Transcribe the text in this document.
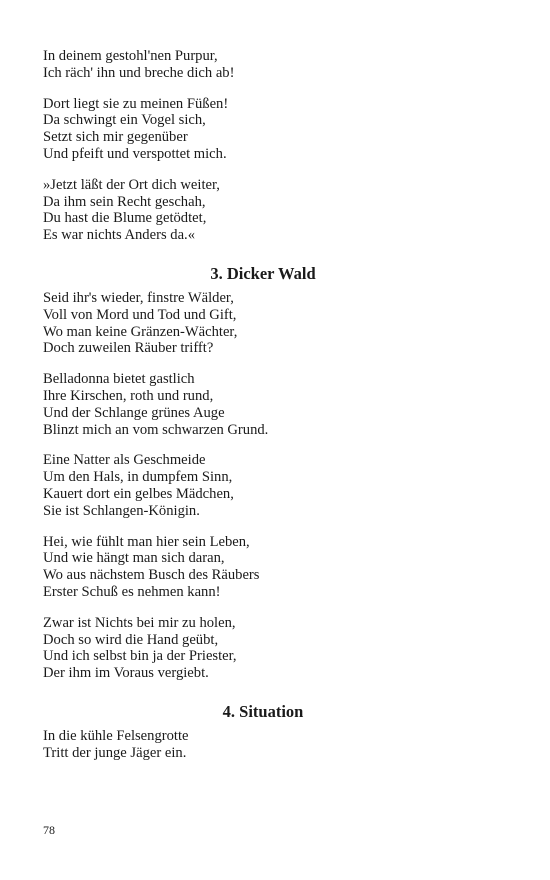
In deinem gestohl'nen Purpur,
Ich räch' ihn und breche dich ab!
Dort liegt sie zu meinen Füßen!
Da schwingt ein Vogel sich,
Setzt sich mir gegenüber
Und pfeift und verspottet mich.
»Jetzt läßt der Ort dich weiter,
Da ihm sein Recht geschah,
Du hast die Blume getödtet,
Es war nichts Anders da.«
3. Dicker Wald
Seid ihr's wieder, finstre Wälder,
Voll von Mord und Tod und Gift,
Wo man keine Gränzen-Wächter,
Doch zuweilen Räuber trifft?
Belladonna bietet gastlich
Ihre Kirschen, roth und rund,
Und der Schlange grünes Auge
Blinzt mich an vom schwarzen Grund.
Eine Natter als Geschmeide
Um den Hals, in dumpfem Sinn,
Kauert dort ein gelbes Mädchen,
Sie ist Schlangen-Königin.
Hei, wie fühlt man hier sein Leben,
Und wie hängt man sich daran,
Wo aus nächstem Busch des Räubers
Erster Schuß es nehmen kann!
Zwar ist Nichts bei mir zu holen,
Doch so wird die Hand geübt,
Und ich selbst bin ja der Priester,
Der ihm im Voraus vergiebt.
4. Situation
In die kühle Felsengrotte
Tritt der junge Jäger ein.
78
